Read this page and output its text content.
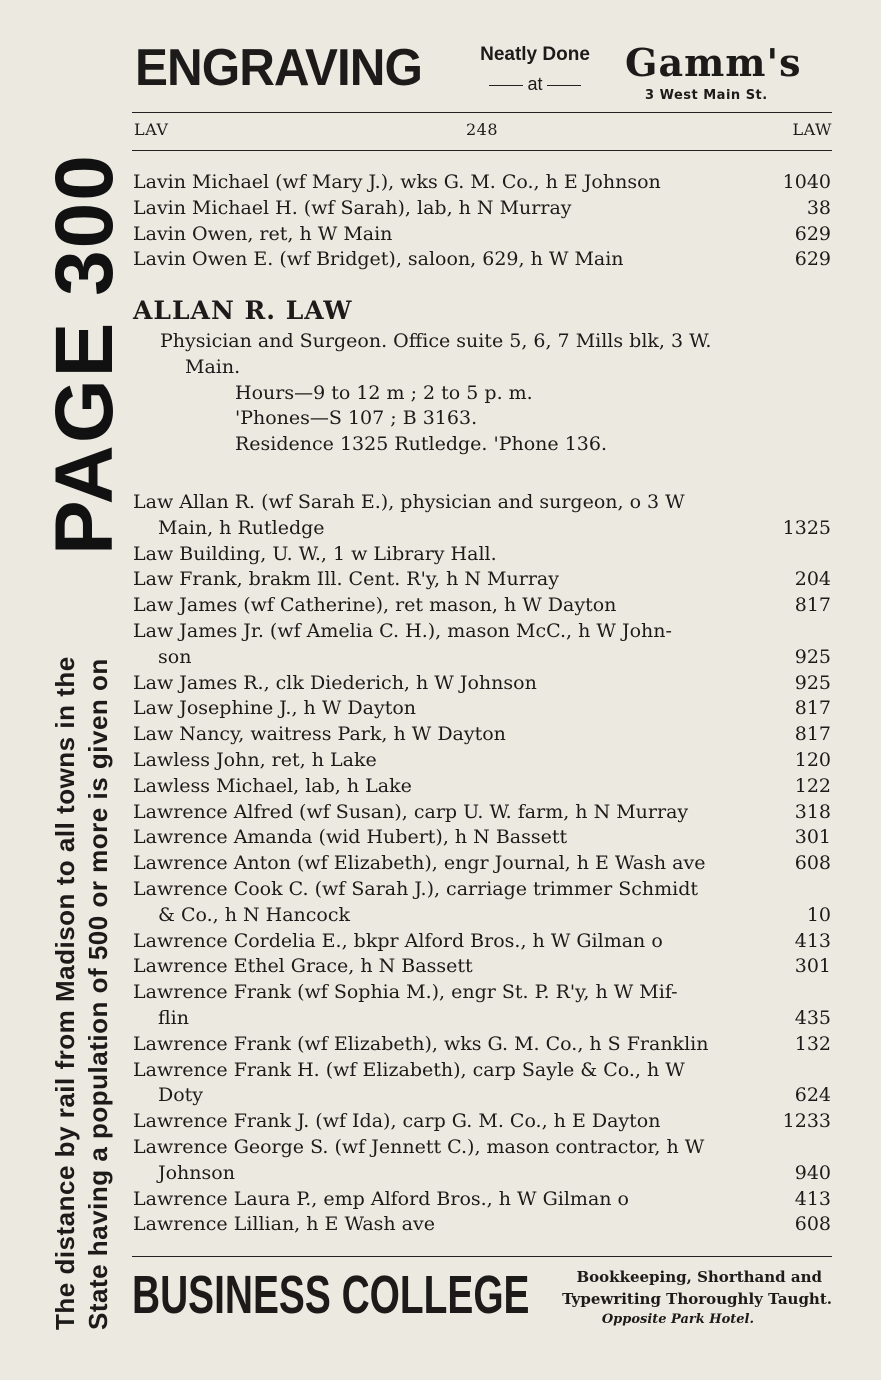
PAGE 300
The distance by rail from Madison to all towns in the State having a population of 500 or more is given on
ENGRAVING	Neatly Done
at	Gamm's
3 West Main St.
LAV	248	LAW
Lavin Michael (wf Mary J.), wks G. M. Co., h E Johnson	1040
Lavin Michael H. (wf Sarah), lab, h N Murray	38
Lavin Owen, ret, h W Main	629
Lavin Owen E. (wf Bridget), saloon, 629, h W Main	629
ALLAN R. LAW
Physician and Surgeon. Office suite 5, 6, 7 Mills blk, 3 W.
Main.
Hours—9 to 12 m ; 2 to 5 p. m.
'Phones—S 107 ; B 3163.
Residence 1325 Rutledge. 'Phone 136.
Law Allan R. (wf Sarah E.), physician and surgeon, o 3 W
Main, h Rutledge	1325
Law Building, U. W., 1 w Library Hall.
Law Frank, brakm Ill. Cent. R'y, h N Murray	204
Law James (wf Catherine), ret mason, h W Dayton	817
Law James Jr. (wf Amelia C. H.), mason McC., h W John-
son	925
Law James R., clk Diederich, h W Johnson	925
Law Josephine J., h W Dayton	817
Law Nancy, waitress Park, h W Dayton	817
Lawless John, ret, h Lake	120
Lawless Michael, lab, h Lake	122
Lawrence Alfred (wf Susan), carp U. W. farm, h N Murray	318
Lawrence Amanda (wid Hubert), h N Bassett	301
Lawrence Anton (wf Elizabeth), engr Journal, h E Wash ave	608
Lawrence Cook C. (wf Sarah J.), carriage trimmer Schmidt
& Co., h N Hancock	10
Lawrence Cordelia E., bkpr Alford Bros., h W Gilman o	413
Lawrence Ethel Grace, h N Bassett	301
Lawrence Frank (wf Sophia M.), engr St. P. R'y, h W Mif-
flin	435
Lawrence Frank (wf Elizabeth), wks G. M. Co., h S Franklin	132
Lawrence Frank H. (wf Elizabeth), carp Sayle & Co., h W
Doty	624
Lawrence Frank J. (wf Ida), carp G. M. Co., h E Dayton	1233
Lawrence George S. (wf Jennett C.), mason contractor, h W
Johnson	940
Lawrence Laura P., emp Alford Bros., h W Gilman o	413
Lawrence Lillian, h E Wash ave	608
BUSINESS COLLEGE	Bookkeeping, Shorthand and
Typewriting Thoroughly Taught.
Opposite Park Hotel.
